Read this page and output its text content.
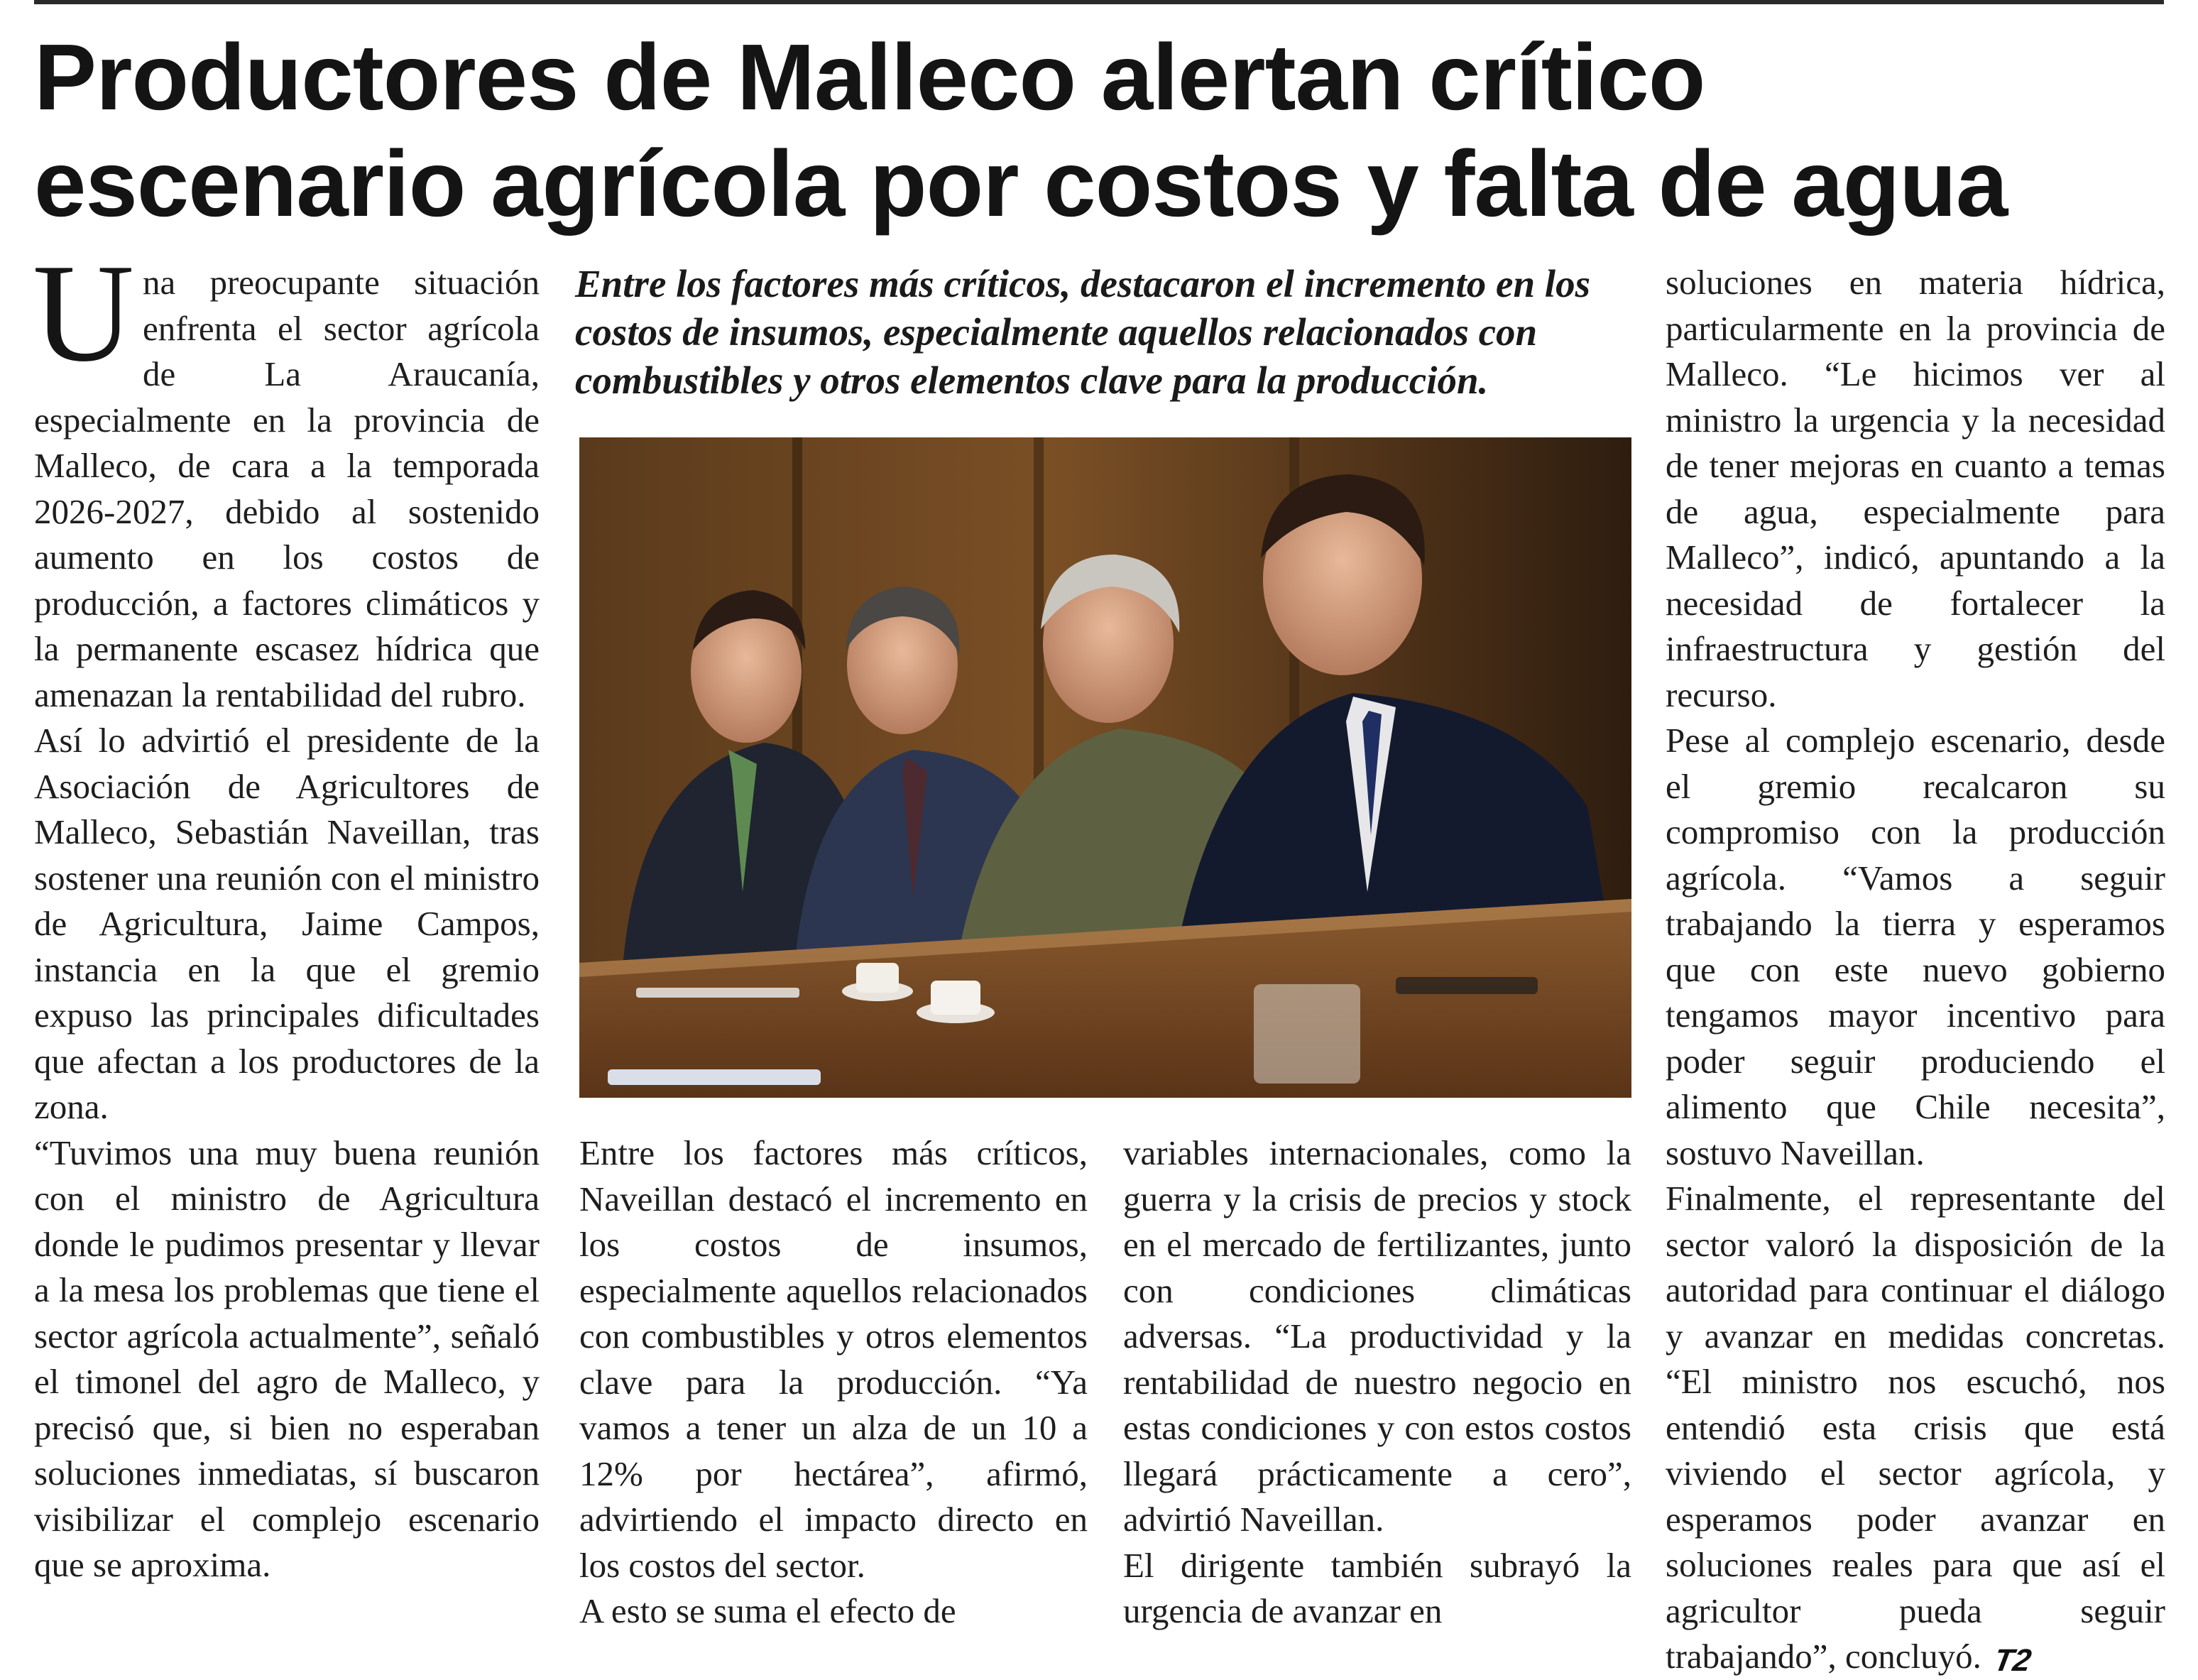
Productores de Malleco alertan crítico
escenario agrícola por costos y falta de agua

Una preocupante situación enfrenta el sector agrícola de La Araucanía, especialmente en la provincia de Malleco, de cara a la temporada 2026-2027, debido al sostenido aumento en los costos de producción, a factores climáticos y la permanente escasez hídrica que amenazan la rentabilidad del rubro.

Así lo advirtió el presidente de la Asociación de Agricultores de Malleco, Sebastián Naveillan, tras sostener una reunión con el ministro de Agricultura, Jaime Campos, instancia en la que el gremio expuso las principales dificultades que afectan a los productores de la zona.

“Tuvimos una muy buena reunión con el ministro de Agricultura donde le pudimos presentar y llevar a la mesa los problemas que tiene el sector agrícola actualmente”, señaló el timonel del agro de Malleco, y precisó que, si bien no esperaban soluciones inmediatas, sí buscaron visibilizar el complejo escenario que se aproxima.

Entre los factores más críticos, destacaron el incremento en los costos de insumos, especialmente aquellos relacionados con combustibles y otros elementos clave para la producción.

Entre los factores más críticos, Naveillan destacó el incremento en los costos de insumos, especialmente aquellos relacionados con combustibles y otros elementos clave para la producción. “Ya vamos a tener un alza de un 10 a 12% por hectárea”, afirmó, advirtiendo el impacto directo en los costos del sector.

A esto se suma el efecto de

variables internacionales, como la guerra y la crisis de precios y stock en el mercado de fertilizantes, junto con condiciones climáticas adversas. “La productividad y la rentabilidad de nuestro negocio en estas condiciones y con estos costos llegará prácticamente a cero”, advirtió Naveillan.

El dirigente también subrayó la urgencia de avanzar en

soluciones en materia hídrica, particularmente en la provincia de Malleco. “Le hicimos ver al ministro la urgencia y la necesidad de tener mejoras en cuanto a temas de agua, especialmente para Malleco”, indicó, apuntando a la necesidad de fortalecer la infraestructura y gestión del recurso.

Pese al complejo escenario, desde el gremio recalcaron su compromiso con la producción agrícola. “Vamos a seguir trabajando la tierra y esperamos que con este nuevo gobierno tengamos mayor incentivo para poder seguir produciendo el alimento que Chile necesita”, sostuvo Naveillan.

Finalmente, el representante del sector valoró la disposición de la autoridad para continuar el diálogo y avanzar en medidas concretas. “El ministro nos escuchó, nos entendió esta crisis que está viviendo el sector agrícola, y esperamos poder avanzar en soluciones reales para que así el agricultor pueda seguir trabajando”, concluyó. T2
